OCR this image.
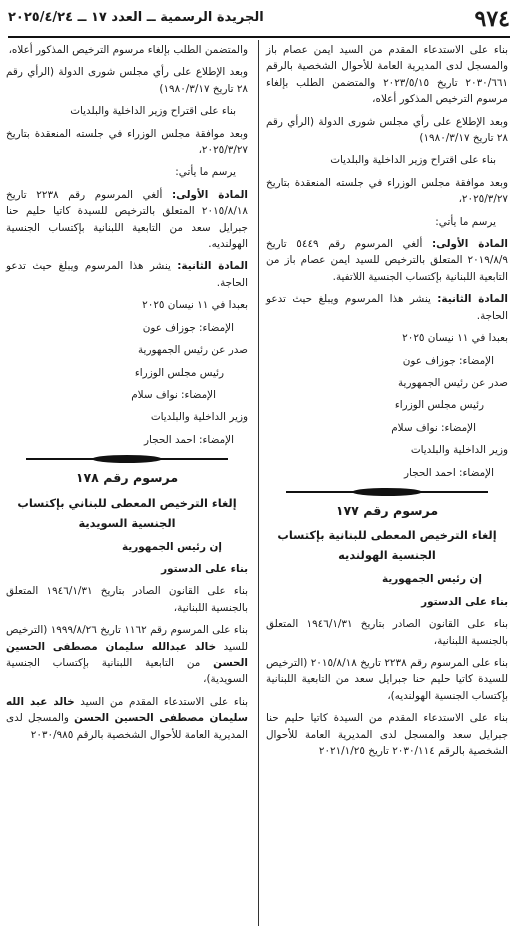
٩٧٤
الجريدة الرسمية ــ العدد ١٧ ــ ٢٠٢٥/٤/٢٤

بناء على الاستدعاء المقدم من السيد ايمن عصام باز والمسجل لدى المديرية العامة للأحوال الشخصية بالرقم ٢٠٣٠/٦٦١ تاريخ ٢٠٢٣/٥/١٥ والمتضمن الطلب بإلغاء مرسوم الترخيص المذكور أعلاه،

وبعد الإطلاع على رأي مجلس شورى الدولة (الرأي رقم ٢٨ تاريخ ١٩٨٠/٣/١٧)

بناء على اقتراح وزير الداخلية والبلديات

وبعد موافقة مجلس الوزراء في جلسته المنعقدة بتاريخ ٢٠٢٥/٣/٢٧،

يرسم ما يأتي:

المادة الأولى: ألغي المرسوم رقم ٥٤٤٩ تاريخ ٢٠١٩/٨/٩ المتعلق بالترخيص للسيد ايمن عصام باز من التابعية اللبنانية بإكتساب الجنسية اللاتفية.

المادة الثانية: ينشر هذا المرسوم ويبلغ حيث تدعو الحاجة.

بعبدا في ١١ نيسان ٢٠٢٥

الإمضاء: جوزاف عون

صدر عن رئيس الجمهورية

رئيس مجلس الوزراء

الإمضاء: نواف سلام

وزير الداخلية والبلديات

الإمضاء: احمد الحجار

مرسوم رقم ١٧٧
إلغاء الترخيص المعطى للبنانية بإكتساب الجنسية الهولنديه

إن رئيس الجمهورية

بناء على الدستور

بناء على القانون الصادر بتاريخ ١٩٤٦/١/٣١ المتعلق بالجنسية اللبنانية،

بناء على المرسوم رقم ٢٢٣٨ تاريخ ٢٠١٥/٨/١٨ (الترخيص للسيدة كاتيا حليم حنا جبرايل سعد من التابعية اللبنانية بإكتساب الجنسية الهولنديه)،

بناء على الاستدعاء المقدم من السيدة كاتيا حليم حنا جبرايل سعد والمسجل لدى المديرية العامة للأحوال الشخصية بالرقم ٢٠٣٠/١١٤ تاريخ ٢٠٢١/١/٢٥

والمتضمن الطلب بإلغاء مرسوم الترخيص المذكور أعلاه،

وبعد الإطلاع على رأي مجلس شورى الدولة (الرأي رقم ٢٨ تاريخ ١٩٨٠/٣/١٧)

بناء على اقتراح وزير الداخلية والبلديات

وبعد موافقة مجلس الوزراء في جلسته المنعقدة بتاريخ ٢٠٢٥/٣/٢٧،

يرسم ما يأتي:

المادة الأولى: ألغي المرسوم رقم ٢٢٣٨ تاريخ ٢٠١٥/٨/١٨ المتعلق بالترخيص للسيدة كاتيا حليم حنا جبرايل سعد من التابعية اللبنانية بإكتساب الجنسية الهولنديه.

المادة الثانية: ينشر هذا المرسوم ويبلغ حيث تدعو الحاجة.

بعبدا في ١١ نيسان ٢٠٢٥

الإمضاء: جوزاف عون

صدر عن رئيس الجمهورية

رئيس مجلس الوزراء

الإمضاء: نواف سلام

وزير الداخلية والبلديات

الإمضاء: احمد الحجار

مرسوم رقم ١٧٨
إلغاء الترخيص المعطى للبناني بإكتساب الجنسية السويدية

إن رئيس الجمهورية

بناء على الدستور

بناء على القانون الصادر بتاريخ ١٩٤٦/١/٣١ المتعلق بالجنسية اللبنانية،

بناء على المرسوم رقم ١١٦٢ تاريخ ١٩٩٩/٨/٢٦ (الترخيص للسيد خالد عبدالله سليمان مصطفى الحسين الحسن من التابعية اللبنانية بإكتساب الجنسية السويدية)،

بناء على الاستدعاء المقدم من السيد خالد عبد الله سليمان مصطفى الحسين الحسن والمسجل لدى المديرية العامة للأحوال الشخصية بالرقم ٢٠٣٠/٩٨٥
